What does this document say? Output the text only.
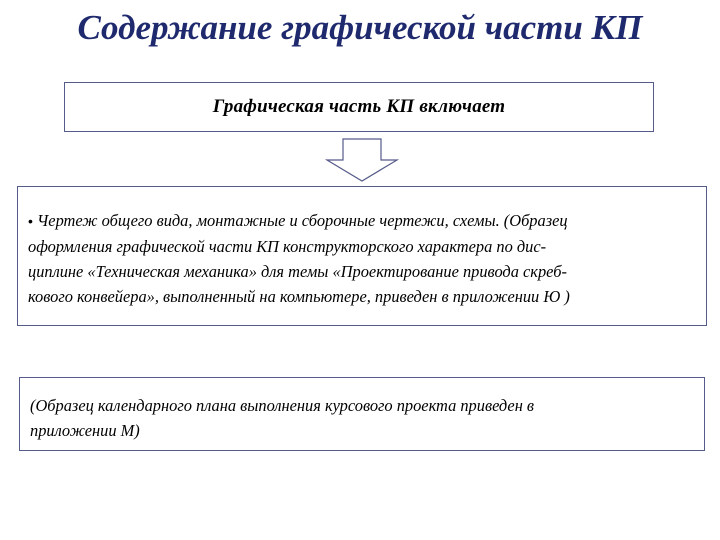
Содержание графической части КП
Графическая часть КП включает

• Чертеж общего вида, монтажные и сборочные чертежи, схемы. (Образец
оформления графической части КП конструкторского характера по дис-
циплине «Техническая механика» для темы «Проектирование привода скреб-
кового конвейера», выполненный на компьютере, приведен в приложении Ю )

(Образец календарного плана выполнения курсового проекта приведен в
приложении М)
